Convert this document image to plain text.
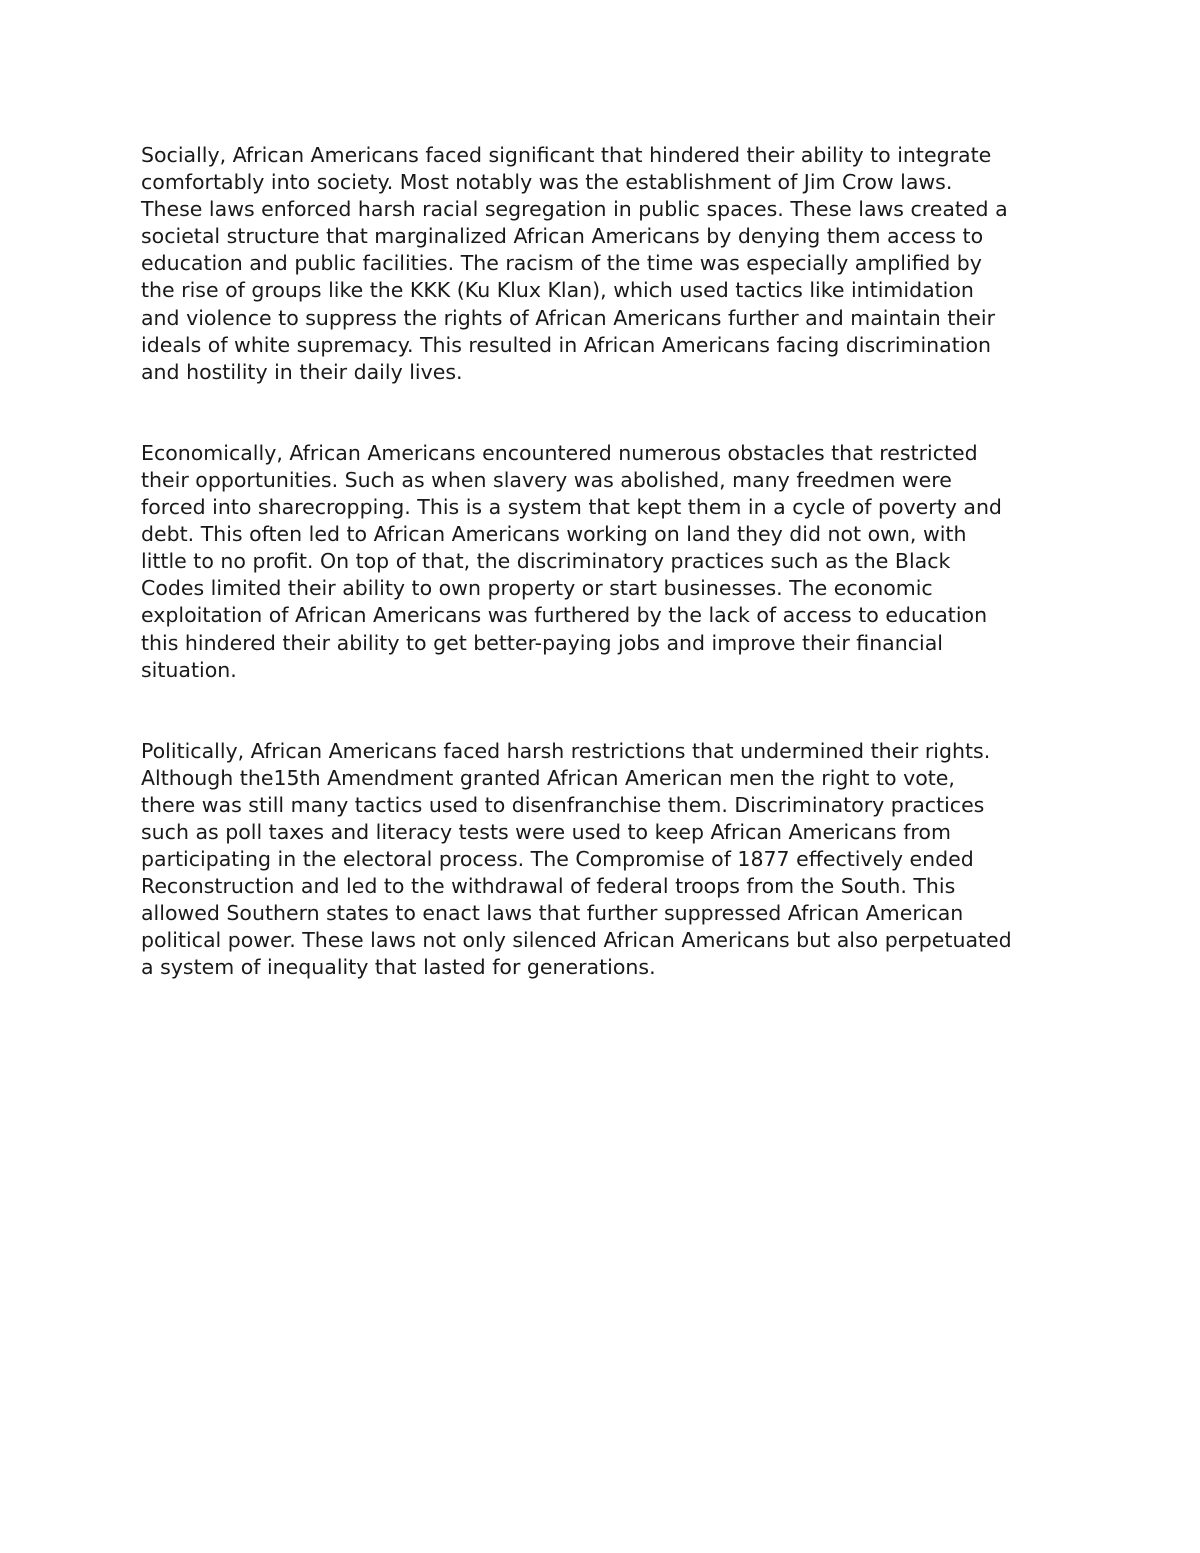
Socially, African Americans faced significant that hindered their ability to integrate
comfortably into society. Most notably was the establishment of Jim Crow laws.
These laws enforced harsh racial segregation in public spaces. These laws created a
societal structure that marginalized African Americans by denying them access to
education and public facilities. The racism of the time was especially amplified by
the rise of groups like the KKK (Ku Klux Klan), which used tactics like intimidation
and violence to suppress the rights of African Americans further and maintain their
ideals of white supremacy. This resulted in African Americans facing discrimination
and hostility in their daily lives.

Economically, African Americans encountered numerous obstacles that restricted
their opportunities. Such as when slavery was abolished, many freedmen were
forced into sharecropping. This is a system that kept them in a cycle of poverty and
debt. This often led to African Americans working on land they did not own, with
little to no profit. On top of that, the discriminatory practices such as the Black
Codes limited their ability to own property or start businesses. The economic
exploitation of African Americans was furthered by the lack of access to education
this hindered their ability to get better-paying jobs and improve their financial
situation.

Politically, African Americans faced harsh restrictions that undermined their rights.
Although the15th Amendment granted African American men the right to vote,
there was still many tactics used to disenfranchise them. Discriminatory practices
such as poll taxes and literacy tests were used to keep African Americans from
participating in the electoral process. The Compromise of 1877 effectively ended
Reconstruction and led to the withdrawal of federal troops from the South. This
allowed Southern states to enact laws that further suppressed African American
political power. These laws not only silenced African Americans but also perpetuated
a system of inequality that lasted for generations.
